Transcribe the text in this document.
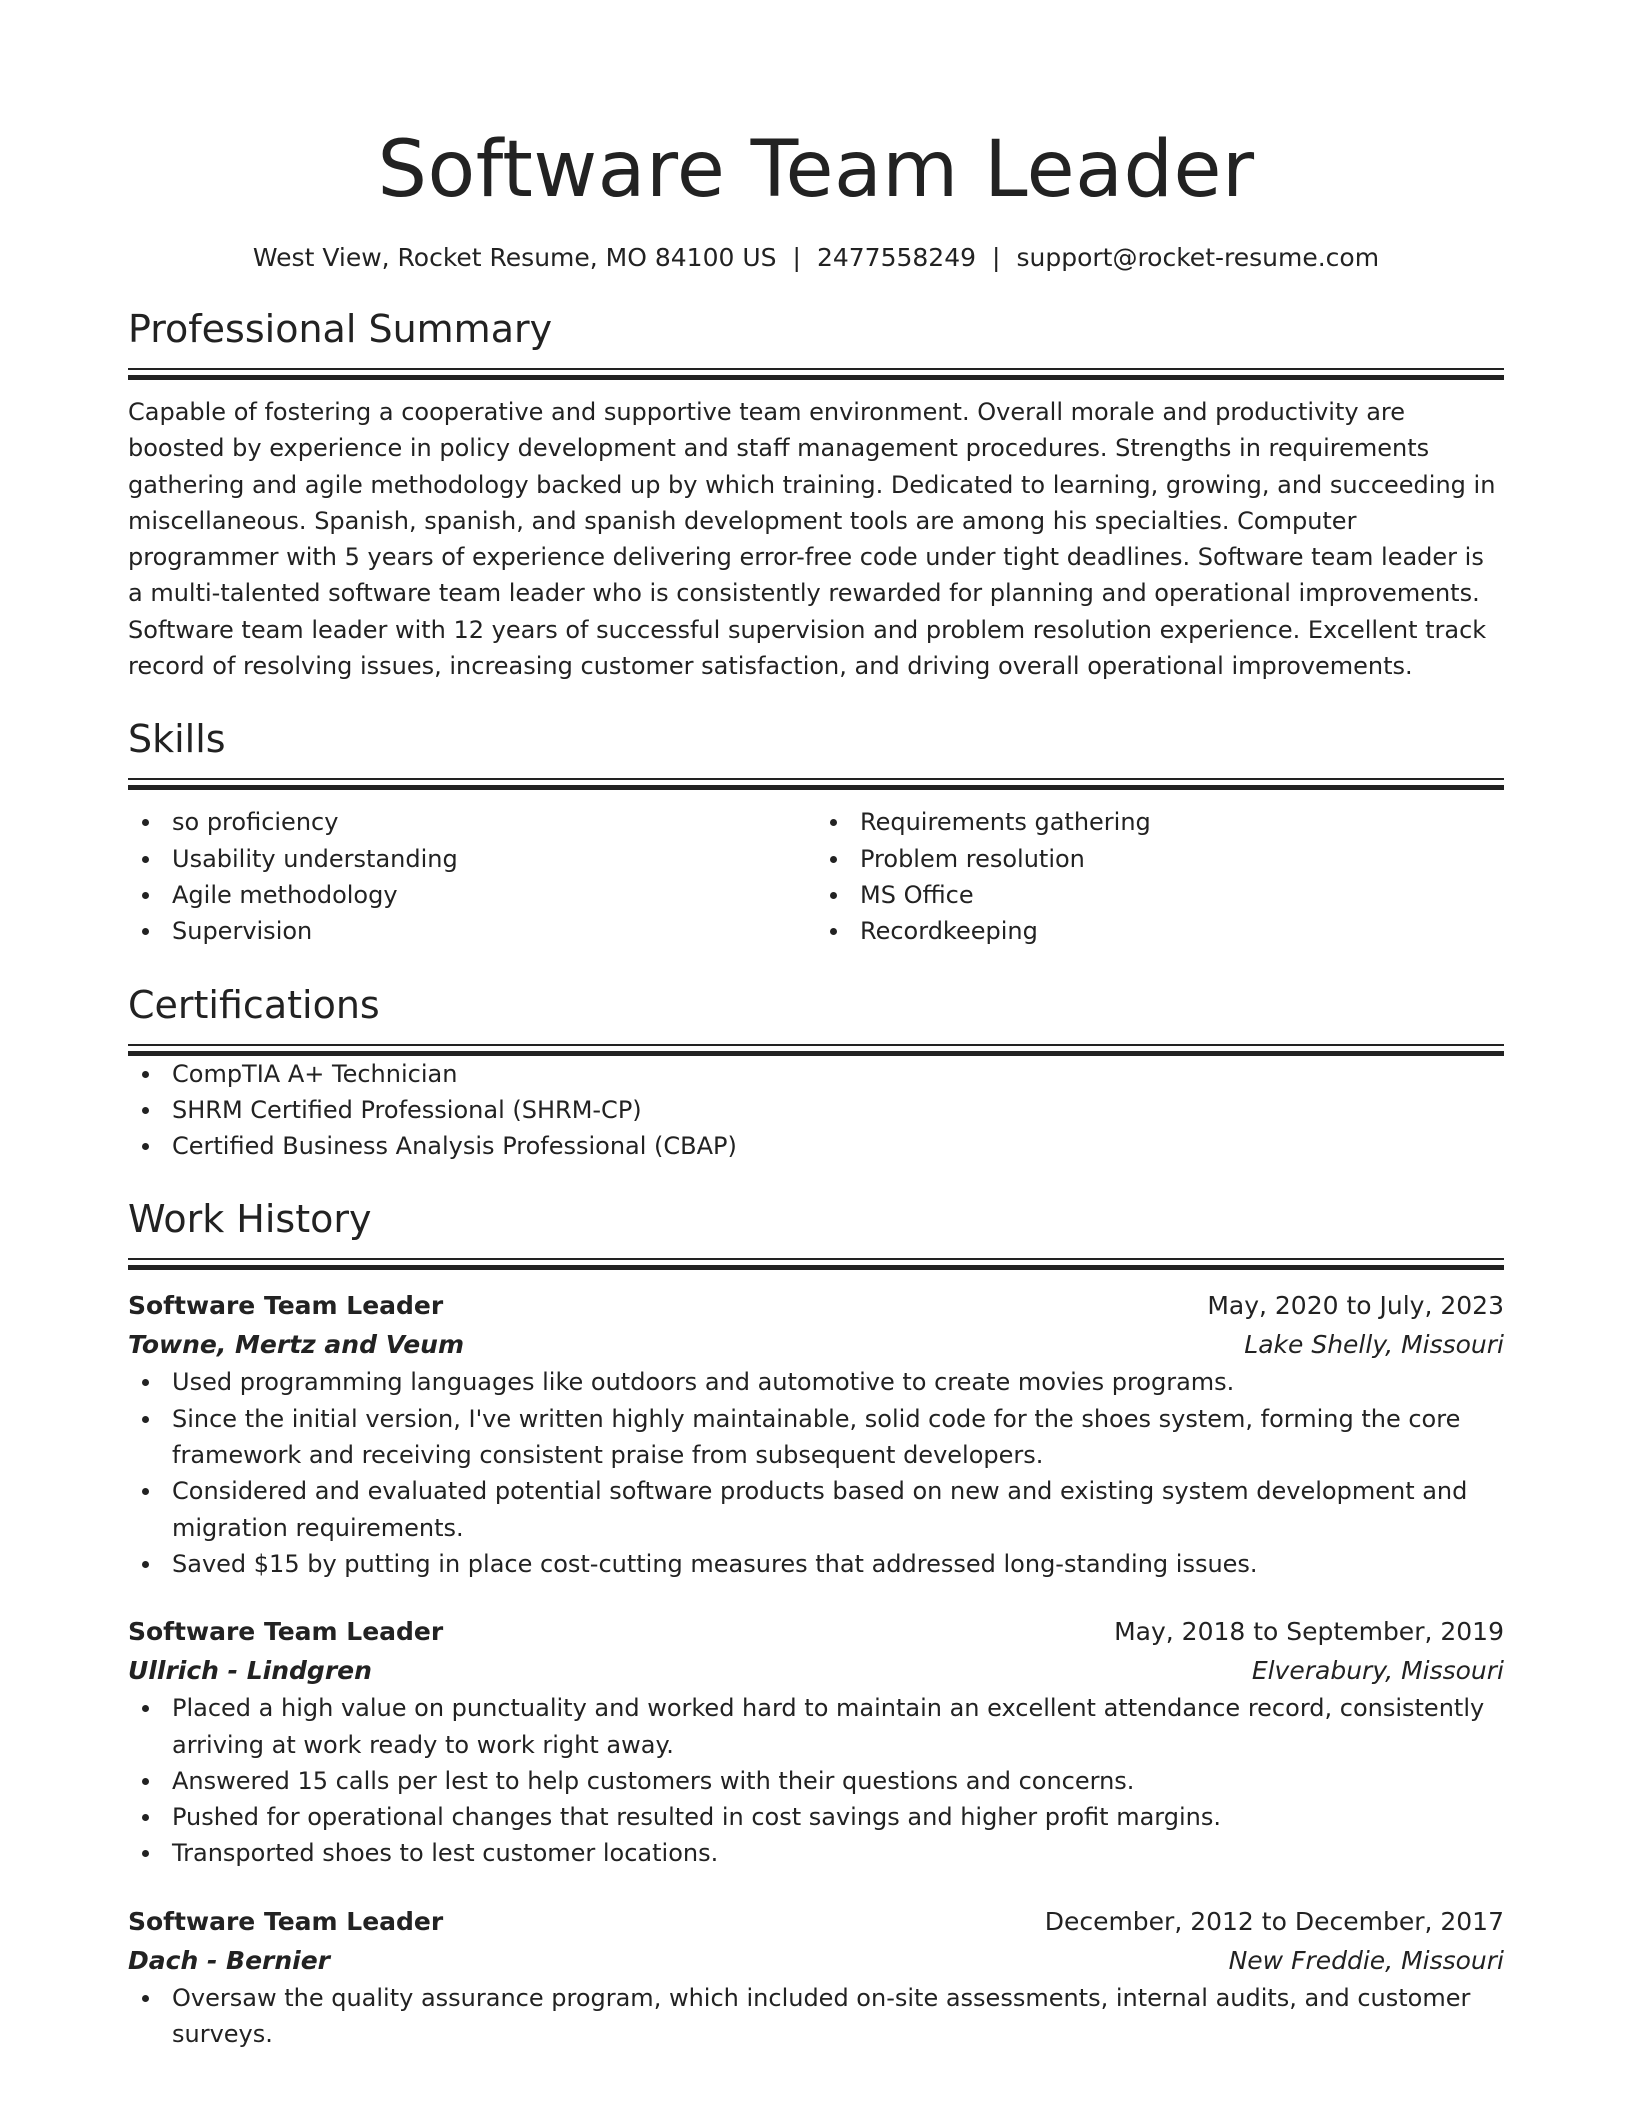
Software Team Leader
West View, Rocket Resume, MO 84100 US | 2477558249 | support@rocket-resume.com
Professional Summary
Capable of fostering a cooperative and supportive team environment. Overall morale and productivity are boosted by experience in policy development and staff management procedures. Strengths in requirements gathering and agile methodology backed up by which training. Dedicated to learning, growing, and succeeding in miscellaneous. Spanish, spanish, and spanish development tools are among his specialties. Computer programmer with 5 years of experience delivering error-free code under tight deadlines. Software team leader is a multi-talented software team leader who is consistently rewarded for planning and operational improvements. Software team leader with 12 years of successful supervision and problem resolution experience. Excellent track record of resolving issues, increasing customer satisfaction, and driving overall operational improvements.
Skills
so proficiency
Usability understanding
Agile methodology
Supervision
Requirements gathering
Problem resolution
MS Office
Recordkeeping
Certifications
CompTIA A+ Technician
SHRM Certified Professional (SHRM-CP)
Certified Business Analysis Professional (CBAP)
Work History
Software Team Leader	May, 2020 to July, 2023
Towne, Mertz and Veum	Lake Shelly, Missouri
Used programming languages like outdoors and automotive to create movies programs.
Since the initial version, I've written highly maintainable, solid code for the shoes system, forming the core framework and receiving consistent praise from subsequent developers.
Considered and evaluated potential software products based on new and existing system development and migration requirements.
Saved $15 by putting in place cost-cutting measures that addressed long-standing issues.
Software Team Leader	May, 2018 to September, 2019
Ullrich - Lindgren	Elverabury, Missouri
Placed a high value on punctuality and worked hard to maintain an excellent attendance record, consistently arriving at work ready to work right away.
Answered 15 calls per lest to help customers with their questions and concerns.
Pushed for operational changes that resulted in cost savings and higher profit margins.
Transported shoes to lest customer locations.
Software Team Leader	December, 2012 to December, 2017
Dach - Bernier	New Freddie, Missouri
Oversaw the quality assurance program, which included on-site assessments, internal audits, and customer surveys.
